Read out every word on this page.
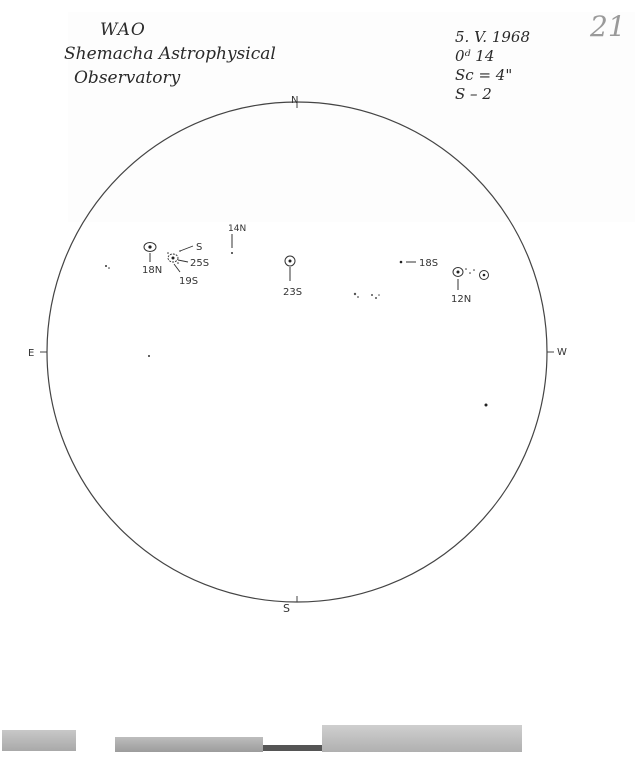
WAO
Shemacha Astrophysical
Observatory
5. V. 1968
0ᵈ 14
Sc = 4"
S – 2
21
N
S
E	W
18N
S
25S
19S
14N
23S
18S
12N
